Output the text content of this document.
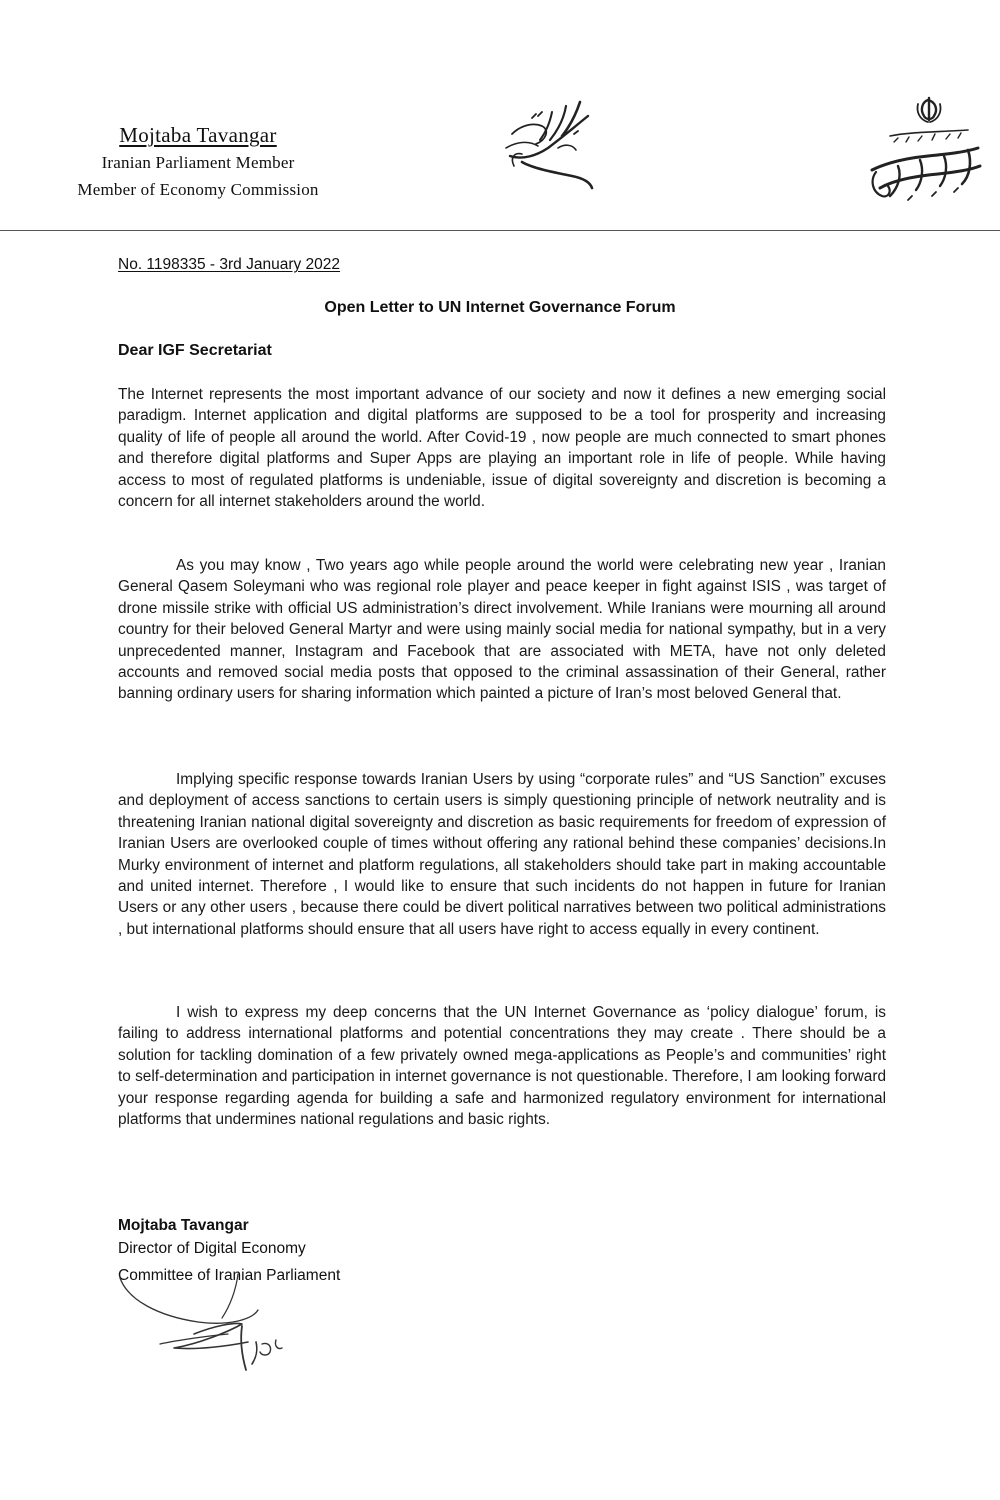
Mojtaba Tavangar
Iranian Parliament Member
Member of Economy Commission
No. 1198335 - 3rd January 2022
Open Letter to UN Internet Governance Forum
Dear IGF Secretariat

The Internet represents the most important advance of our society and now it defines a new emerging social paradigm. Internet application and digital platforms are supposed to be a tool for prosperity and increasing quality of life of people all around the world. After Covid-19 , now people are much connected to smart phones and therefore digital platforms and Super Apps are playing an important role in life of people. While having access to most of regulated platforms is undeniable, issue of digital sovereignty and discretion is becoming a concern for all internet stakeholders around the world.

As you may know , Two years ago while people around the world were celebrating new year , Iranian General Qasem Soleymani who was regional role player and peace keeper in fight against ISIS , was target of drone missile strike with official US administration’s direct involvement. While Iranians were mourning all around country for their beloved General Martyr and were using mainly social media for national sympathy, but in a very unprecedented manner, Instagram and Facebook that are associated with META, have not only deleted accounts and removed social media posts that opposed to the criminal assassination of their General, rather banning ordinary users for sharing information which painted a picture of Iran’s most beloved General that.

Implying specific response towards Iranian Users by using “corporate rules” and “US Sanction” excuses and deployment of access sanctions to certain users is simply questioning principle of network neutrality and is threatening Iranian national digital sovereignty and discretion as basic requirements for freedom of expression of Iranian Users are overlooked couple of times without offering any rational behind these companies’ decisions.In Murky environment of internet and platform regulations, all stakeholders should take part in making accountable and united internet. Therefore , I would like to ensure that such incidents do not happen in future for Iranian Users or any other users , because there could be divert political narratives between two political administrations , but international platforms should ensure that all users have right to access equally in every continent.

I wish to express my deep concerns that the UN Internet Governance as ‘policy dialogue’ forum, is failing to address international platforms and potential concentrations they may create . There should be a solution for tackling domination of a few privately owned mega-applications as People’s and communities’ right to self-determination and participation in internet governance is not questionable. Therefore, I am looking forward your response regarding agenda for building a safe and harmonized regulatory environment for international platforms that undermines national regulations and basic rights.

Mojtaba Tavangar
Director of Digital Economy
Committee of Iranian Parliament
